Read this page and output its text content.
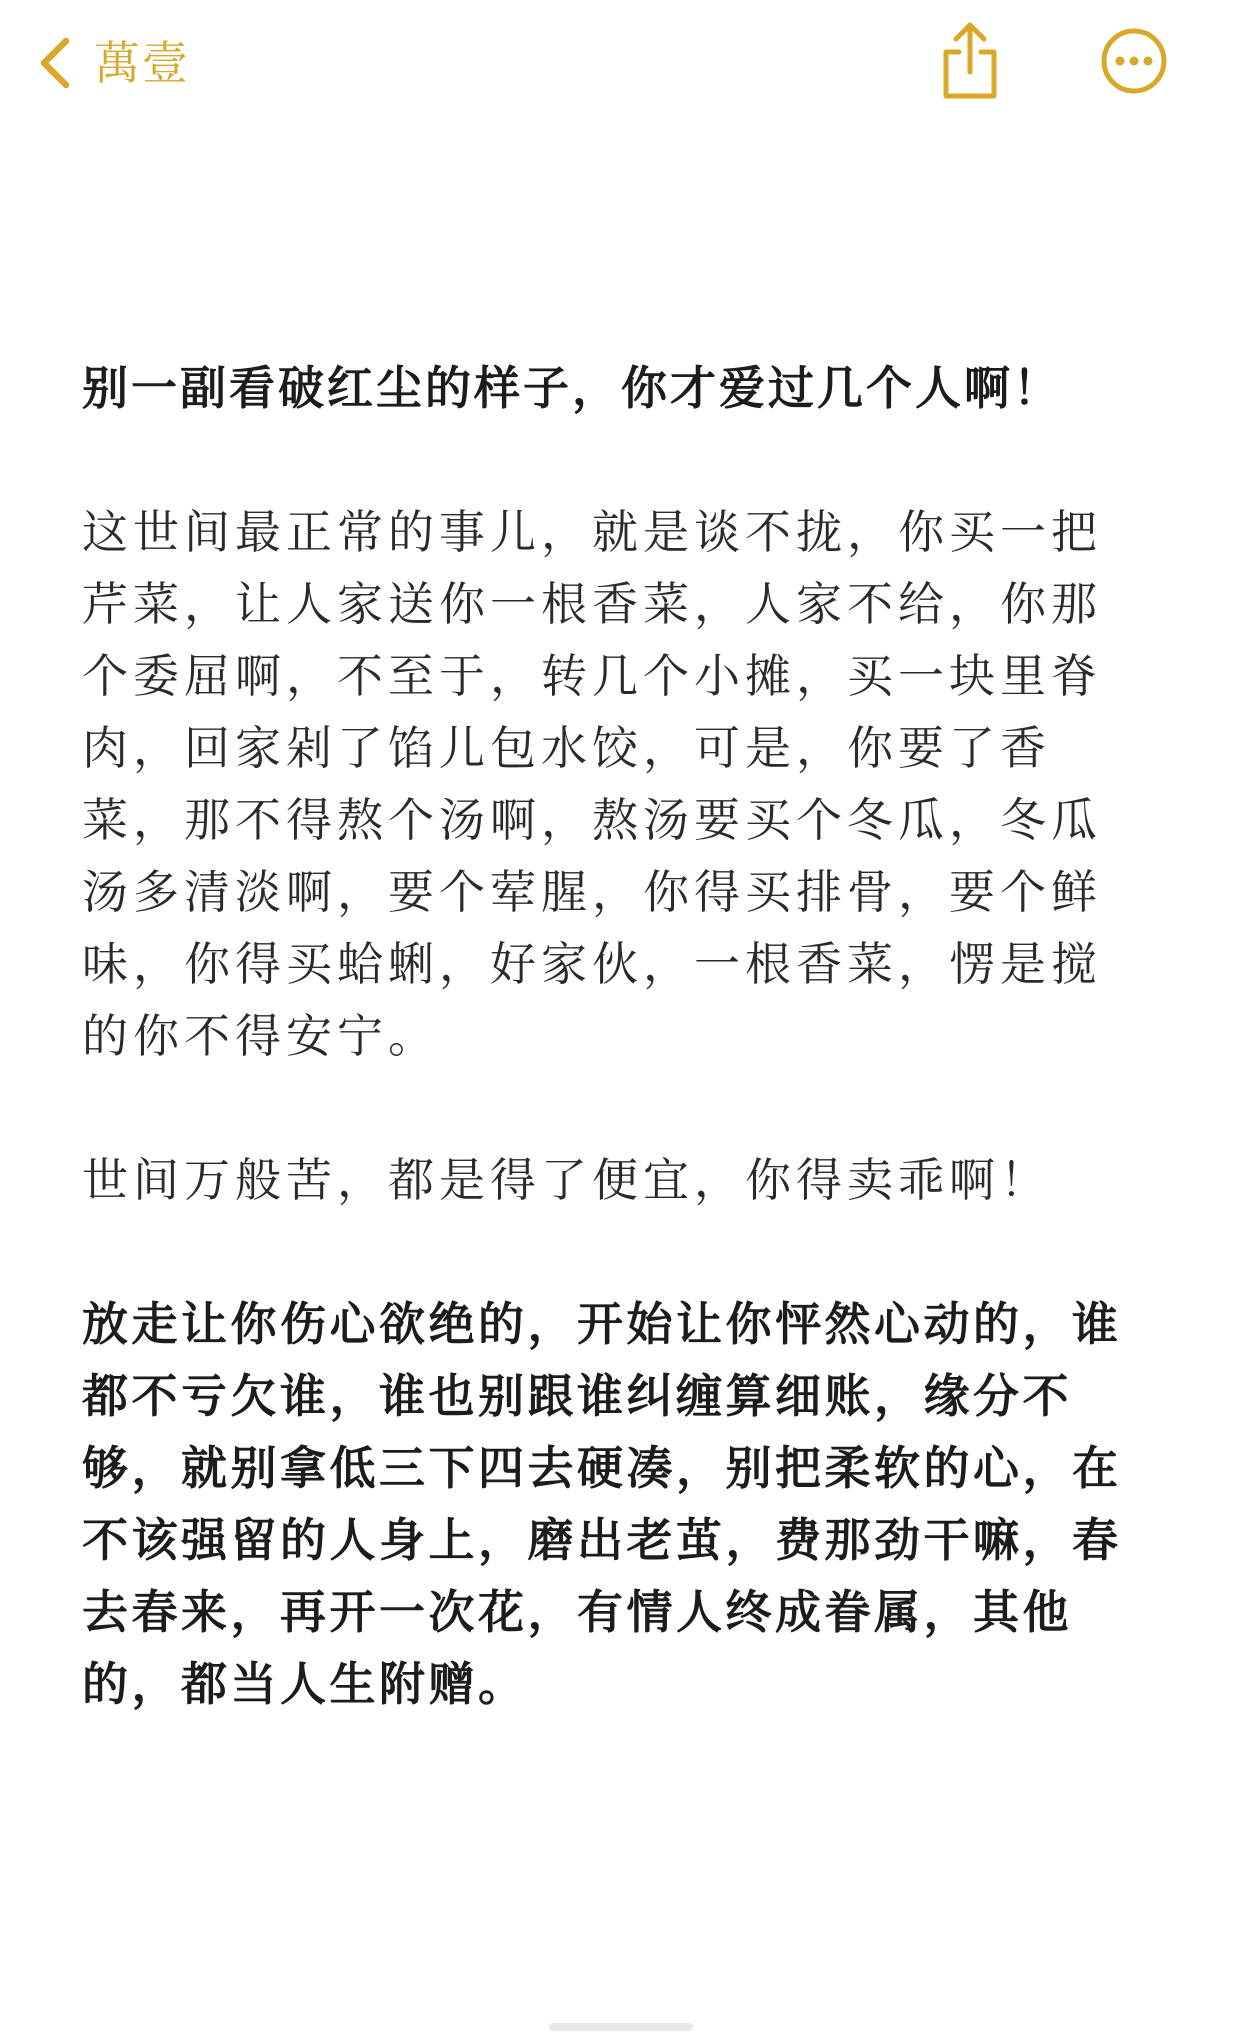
萬壹

别一副看破红尘的样子，你才爱过几个人啊！

这世间最正常的事儿，就是谈不拢，你买一把芹菜，让人家送你一根香菜，人家不给，你那个委屈啊，不至于，转几个小摊，买一块里脊肉，回家剁了馅儿包水饺，可是，你要了香菜，那不得熬个汤啊，熬汤要买个冬瓜，冬瓜汤多清淡啊，要个荤腥，你得买排骨，要个鲜味，你得买蛤蜊，好家伙，一根香菜，愣是搅的你不得安宁。

世间万般苦，都是得了便宜，你得卖乖啊！

放走让你伤心欲绝的，开始让你怦然心动的，谁都不亏欠谁，谁也别跟谁纠缠算细账，缘分不够，就别拿低三下四去硬凑，别把柔软的心，在不该强留的人身上，磨出老茧，费那劲干嘛，春去春来，再开一次花，有情人终成眷属，其他的，都当人生附赠。
